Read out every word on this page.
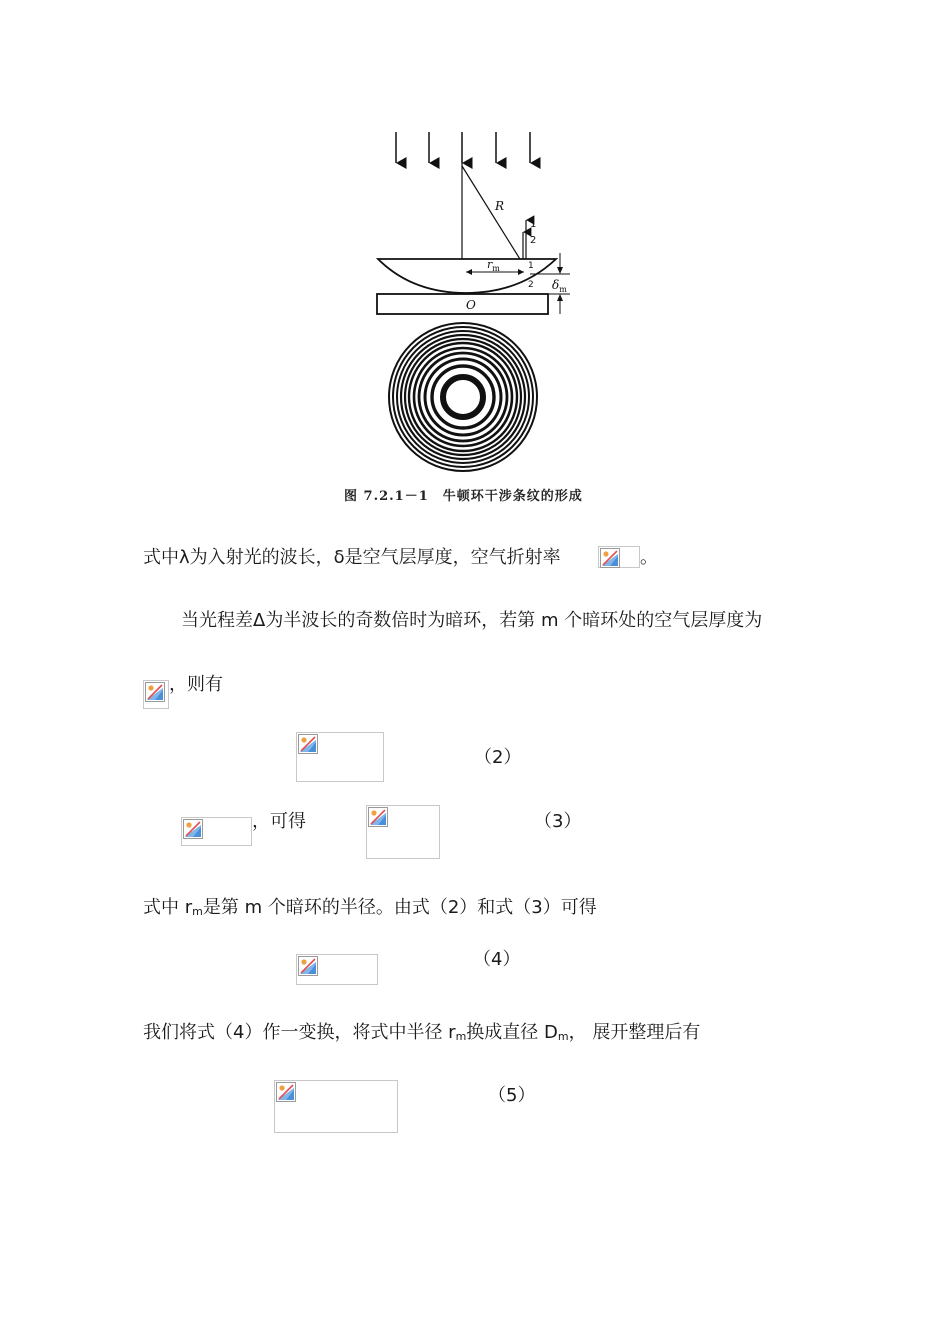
R
1
2
O
$r_m$	1
2 $\delta_m$
图 7.2.1－1　牛顿环干涉条纹的形成
式中λ为入射光的波长，δ是空气层厚度，空气折射率	。
当光程差Δ为半波长的奇数倍时为暗环，若第 m 个暗环处的空气层厚度为
，则有
（2）
，可得	（3）
式中 rm是第 m 个暗环的半径。由式（2）和式（3）可得
（4）
我们将式（4）作一变换，将式中半径 rm换成直径 Dm， 展开整理后有
（5）
